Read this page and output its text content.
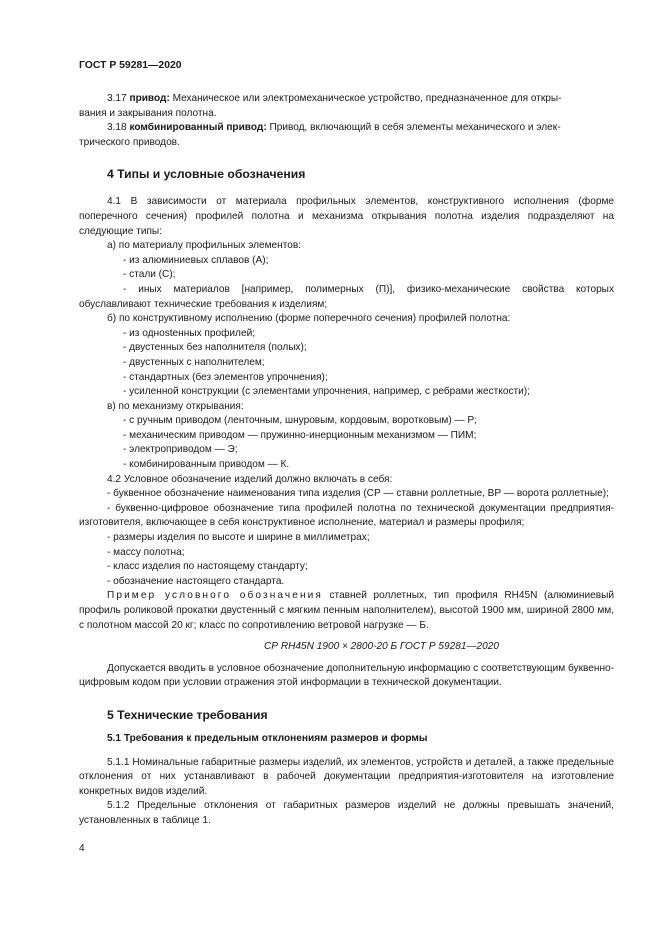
ГОСТ Р 59281—2020

3.17 привод: Механическое или электромеханическое устройство, предназначенное для откры-
вания и закрывания полотна.

3.18 комбинированный привод: Привод, включающий в себя элементы механического и элек-
трического приводов.

4 Типы и условные обозначения

4.1 В зависимости от материала профильных элементов, конструктивного исполнения (форме поперечного сечения) профилей полотна и механизма открывания полотна изделия подразделяют на следующие типы:

а) по материалу профильных элементов:

- из алюминиевых сплавов (А);

- стали (С);

- иных материалов [например, полимерных (П)], физико-механические свойства которых обуславливают технические требования к изделиям;

б) по конструктивному исполнению (форме поперечного сечения) профилей полотна:

- из однostенных профилей;

- двустенных без наполнителя (полых);

- двустенных с наполнителем;

- стандартных (без элементов упрочнения);

- усиленной конструкции (с элементами упрочнения, например, с ребрами жесткости);

в) по механизму открывания:

- с ручным приводом (ленточным, шнуровым, кордовым, воротковым) — Р;

- механическим приводом — пружинно-инерционным механизмом — ПИМ;

- электроприводом — Э;

- комбинированным приводом — К.

4.2 Условное обозначение изделий должно включать в себя:

- буквенное обозначение наименования типа изделия (СР — ставни роллетные, ВР — ворота роллетные);

- буквенно-цифровое обозначение типа профилей полотна по технической документации предприятия-изготовителя, включающее в себя конструктивное исполнение, материал и размеры профиля;

- размеры изделия по высоте и ширине в миллиметрах;

- массу полотна;

- класс изделия по настоящему стандарту;

- обозначение настоящего стандарта.

Пример условного обозначения ставней роллетных, тип профиля RH45N (алюминиевый профиль роликовой прокатки двустенный с мягким пенным наполнителем), высотой 1900 мм, шириной 2800 мм, с полотном массой 20 кг; класс по сопротивлению ветровой нагрузке — Б.

СР RH45N 1900 × 2800-20 Б ГОСТ Р 59281—2020

Допускается вводить в условное обозначение дополнительную информацию с соответствующим буквенно-цифровым кодом при условии отражения этой информации в технической документации.

5 Технические требования
5.1 Требования к предельным отклонениям размеров и формы

5.1.1 Номинальные габаритные размеры изделий, их элементов, устройств и деталей, а также предельные отклонения от них устанавливают в рабочей документации предприятия-изготовителя на изготовление конкретных видов изделий.

5.1.2 Предельные отклонения от габаритных размеров изделий не должны превышать значений, установленных в таблице 1.

4
